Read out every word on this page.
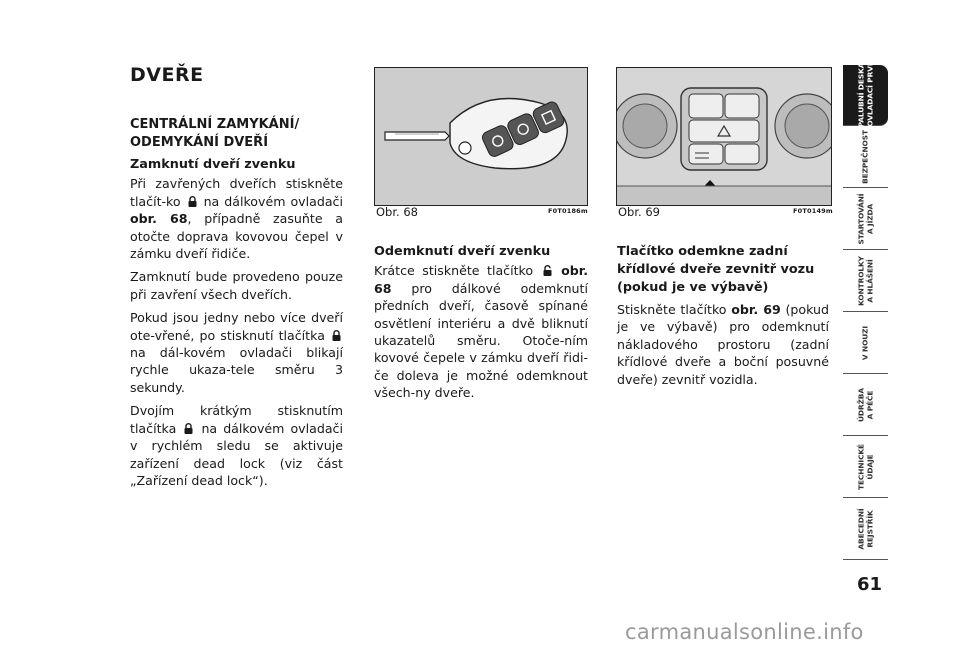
DVEŘE
CENTRÁLNÍ ZAMYKÁNÍ/ ODEMYKÁNÍ DVEŘÍ
Zamknutí dveří zvenku

Při zavřených dveřích stiskněte tlačít-ko na dálkovém ovladači obr. 68, případně zasuňte a otočte doprava kovovou čepel v zámku dveří řidiče.

Zamknutí bude provedeno pouze při zavření všech dveřích.

Pokud jsou jedny nebo více dveří ote-vřené, po stisknutí tlačítka  na dál-kovém ovladači blikají rychle ukaza-tele směru 3 sekundy.

Dvojím krátkým stisknutím tlačítka na dálkovém ovladači v rychlém sledu se aktivuje zařízení dead lock (viz část „Zařízení dead lock“).

Obr. 68	F0T0186m	Obr. 69	F0T0149m
Odemknutí dveří zvenku

Krátce stiskněte tlačítko obr. 68 pro dálkové odemknutí předních dveří, časově spínané osvětlení interiéru a dvě bliknutí ukazatelů směru. Otoče-ním kovové čepele v zámku dveří řidi-če doleva je možné odemknout všech-ny dveře.

Tlačítko odemkne zadní křídlové dveře zevnitř vozu (pokud je ve výbavě)

Stiskněte tlačítko obr. 69 (pokud je ve výbavě) pro odemknutí nákladového prostoru (zadní křídlové dveře a boční posuvné dveře) zevnitř vozidla.

PALUBNÍ DESKA
A OVLADACÍ PRVKY
BEZPEČNOST
STARTOVÁNÍ
A JÍZDA
KONTROLKY
A HLÁŠENÍ
V NOUZI
ÚDRŽBA
A PÉČE
TECHNICKÉ
ÚDAJE
ABECEDNÍ
REJSTŘÍK
61
carmanualsonline.info
